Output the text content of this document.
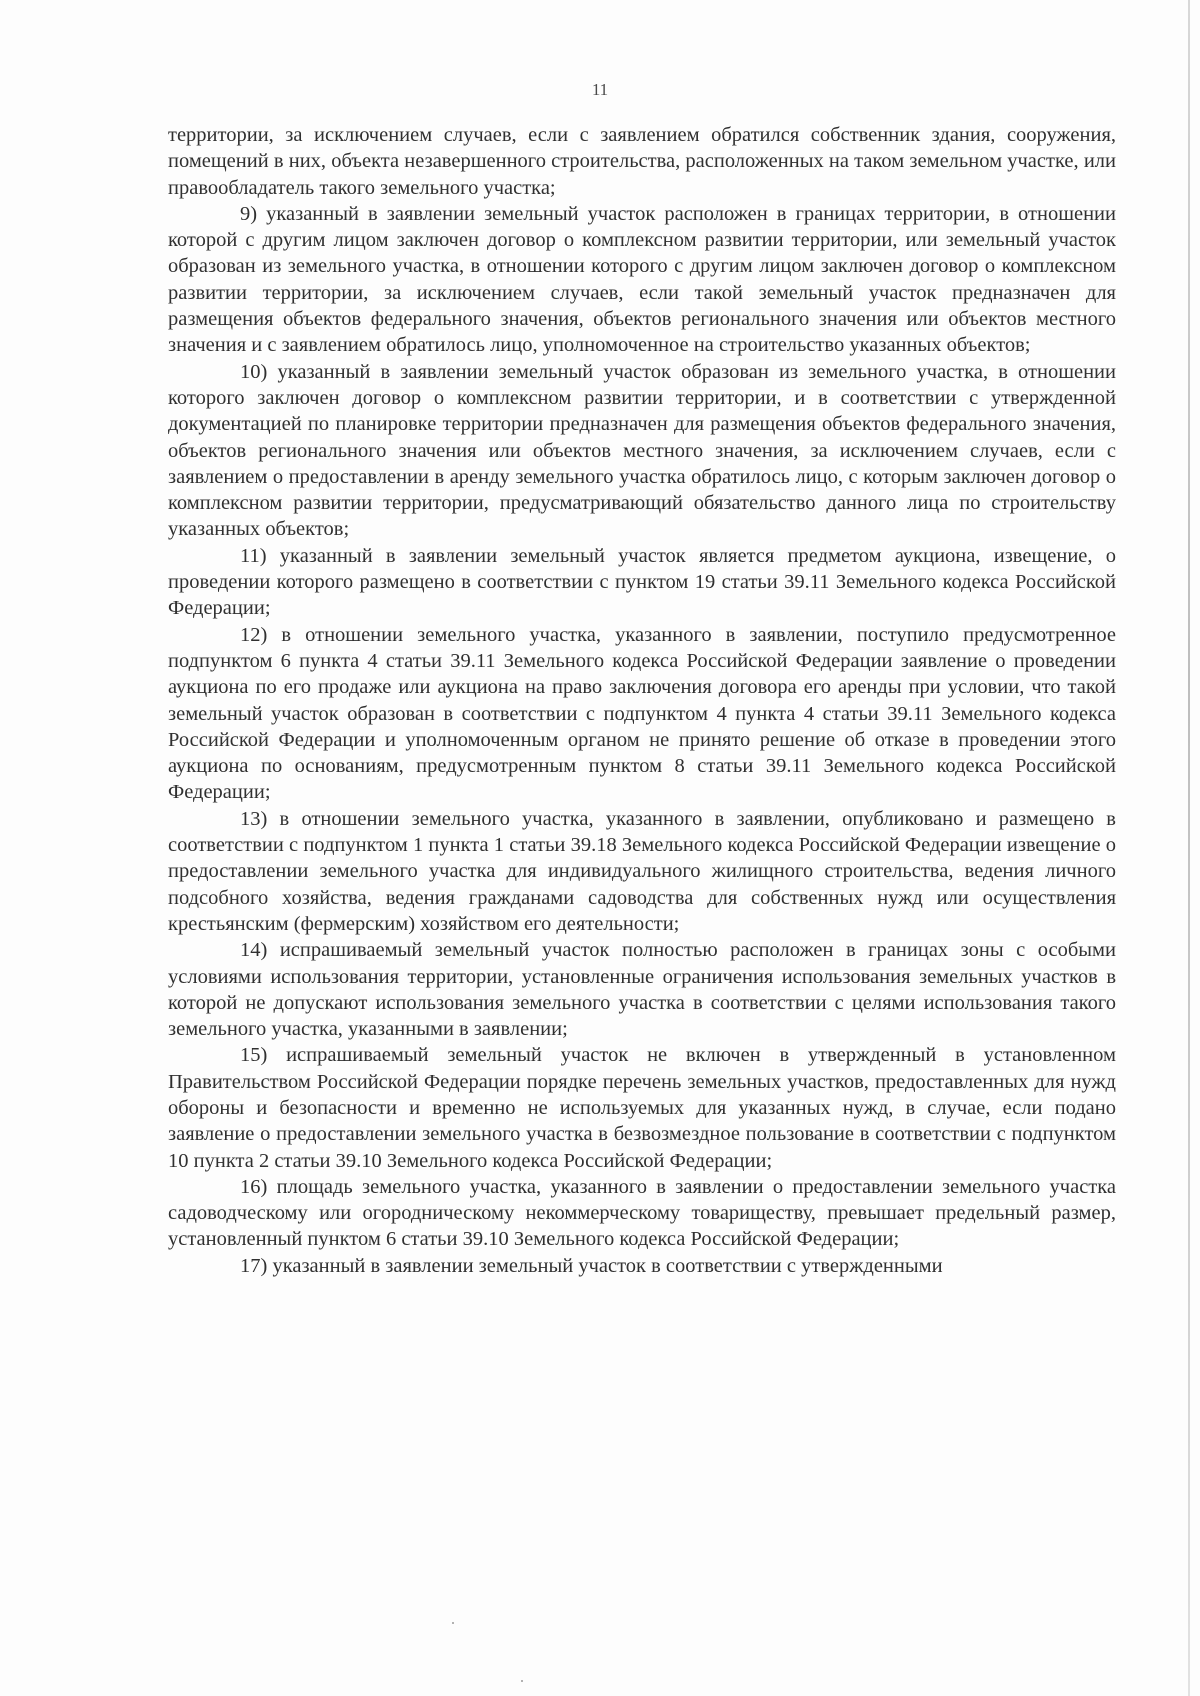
11

территории, за исключением случаев, если с заявлением обратился собственник здания, сооружения, помещений в них, объекта незавершенного строительства, расположенных на таком земельном участке, или правообладатель такого земельного участка;

9) указанный в заявлении земельный участок расположен в границах территории, в отношении которой с другим лицом заключен договор о комплексном развитии территории, или земельный участок образован из земельного участка, в отношении которого с другим лицом заключен договор о комплексном развитии территории, за исключением случаев, если такой земельный участок предназначен для размещения объектов федерального значения, объектов регионального значения или объектов местного значения и с заявлением обратилось лицо, уполномоченное на строительство указанных объектов;

10) указанный в заявлении земельный участок образован из земельного участка, в отношении которого заключен договор о комплексном развитии территории, и в соответствии с утвержденной документацией по планировке территории предназначен для размещения объектов федерального значения, объектов регионального значения или объектов местного значения, за исключением случаев, если с заявлением о предоставлении в аренду земельного участка обратилось лицо, с которым заключен договор о комплексном развитии территории, предусматривающий обязательство данного лица по строительству указанных объектов;

11) указанный в заявлении земельный участок является предметом аукциона, извещение, о проведении которого размещено в соответствии с пунктом 19 статьи 39.11 Земельного кодекса Российской Федерации;

12) в отношении земельного участка, указанного в заявлении, поступило предусмотренное подпунктом 6 пункта 4 статьи 39.11 Земельного кодекса Российской Федерации заявление о проведении аукциона по его продаже или аукциона на право заключения договора его аренды при условии, что такой земельный участок образован в соответствии с подпунктом 4 пункта 4 статьи 39.11 Земельного кодекса Российской Федерации и уполномоченным органом не принято решение об отказе в проведении этого аукциона по основаниям, предусмотренным пунктом 8 статьи 39.11 Земельного кодекса Российской Федерации;

13) в отношении земельного участка, указанного в заявлении, опубликовано и размещено в соответствии с подпунктом 1 пункта 1 статьи 39.18 Земельного кодекса Российской Федерации извещение о предоставлении земельного участка для индивидуального жилищного строительства, ведения личного подсобного хозяйства, ведения гражданами садоводства для собственных нужд или осуществления крестьянским (фермерским) хозяйством его деятельности;

14) испрашиваемый земельный участок полностью расположен в границах зоны с особыми условиями использования территории, установленные ограничения использования земельных участков в которой не допускают использования земельного участка в соответствии с целями использования такого земельного участка, указанными в заявлении;

15) испрашиваемый земельный участок не включен в утвержденный в установленном Правительством Российской Федерации порядке перечень земельных участков, предоставленных для нужд обороны и безопасности и временно не используемых для указанных нужд, в случае, если подано заявление о предоставлении земельного участка в безвозмездное пользование в соответствии с подпунктом 10 пункта 2 статьи 39.10 Земельного кодекса Российской Федерации;

16) площадь земельного участка, указанного в заявлении о предоставлении земельного участка садоводческому или огородническому некоммерческому товариществу, превышает предельный размер, установленный пунктом 6 статьи 39.10 Земельного кодекса Российской Федерации;

17) указанный в заявлении земельный участок в соответствии с утвержденными
